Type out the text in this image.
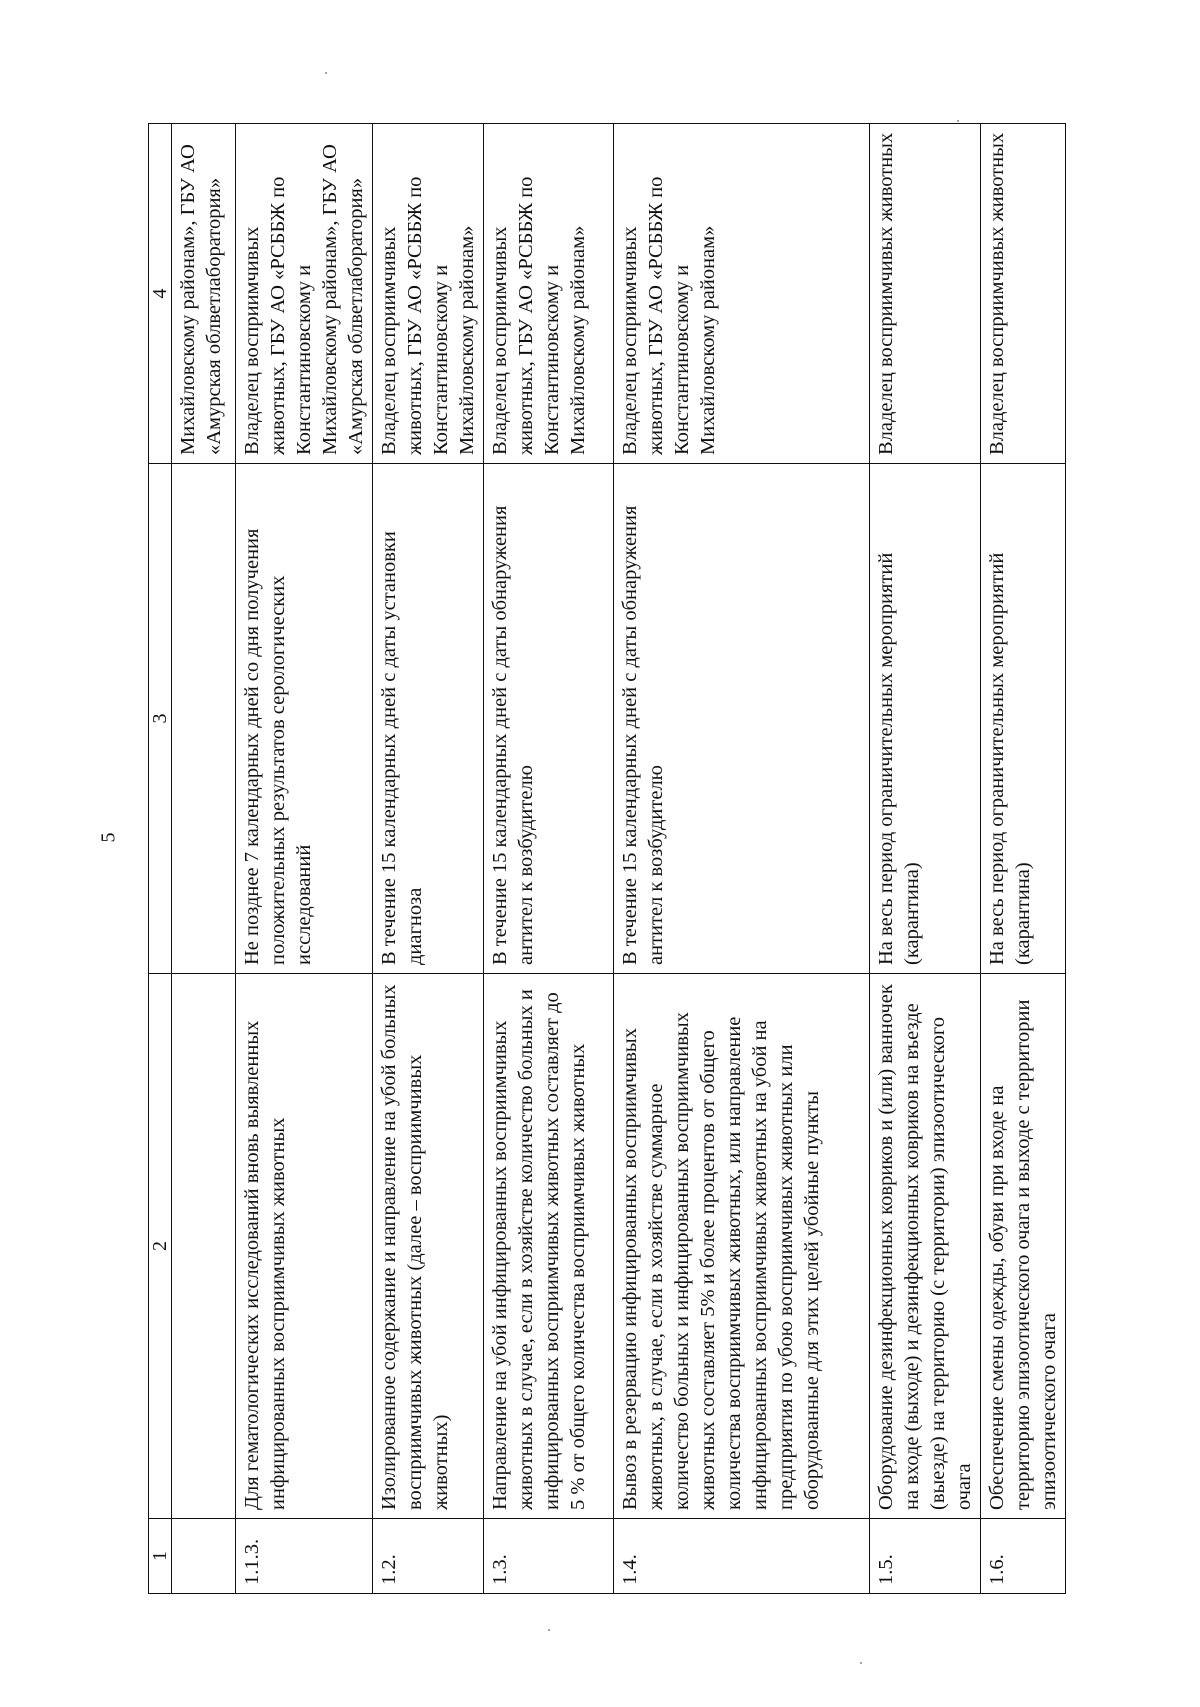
5
1	2	3	4
			Михайловскому районам», ГБУ АО «Амурская облветлаборатория»
1.1.3.	Для гематологических исследований вновь выявленных инфицированных восприимчивых животных	Не позднее 7 календарных дней со дня получения положительных результатов серологических исследований	Владелец восприимчивых животных, ГБУ АО «РСББЖ по Константиновскому и Михайловскому районам», ГБУ АО «Амурская облветлаборатория»
1.2.	Изолированное содержание и направление на убой больных восприимчивых животных (далее – восприимчивых животных)	В течение 15 календарных дней с даты установки диагноза	Владелец восприимчивых животных, ГБУ АО «РСББЖ по Константиновскому и Михайловскому районам»
1.3.	Направление на убой инфицированных восприимчивых животных в случае, если в хозяйстве количество больных и инфицированных восприимчивых животных составляет до 5 % от общего количества восприимчивых животных	В течение 15 календарных дней с даты обнаружения антител к возбудителю	Владелец восприимчивых животных, ГБУ АО «РСББЖ по Константиновскому и Михайловскому районам»
1.4.	Вывоз в резервацию инфицированных восприимчивых животных, в случае, если в хозяйстве суммарное количество больных и инфицированных восприимчивых животных составляет 5% и более процентов от общего количества восприимчивых животных, или направление инфицированных восприимчивых животных на убой на предприятия по убою восприимчивых животных или оборудованные для этих целей убойные пункты	В течение 15 календарных дней с даты обнаружения антител к возбудителю	Владелец восприимчивых животных, ГБУ АО «РСББЖ по Константиновскому и Михайловскому районам»
1.5.	Оборудование дезинфекционных ковриков и (или) ванночек на входе (выходе) и дезинфекционных ковриков на въезде (выезде) на территорию (с территории) эпизоотического очага	На весь период ограничительных мероприятий (карантина)	Владелец восприимчивых животных
1.6.	Обеспечение смены одежды, обуви при входе на территорию эпизоотического очага и выходе с территории эпизоотического очага	На весь период ограничительных мероприятий (карантина)	Владелец восприимчивых животных
